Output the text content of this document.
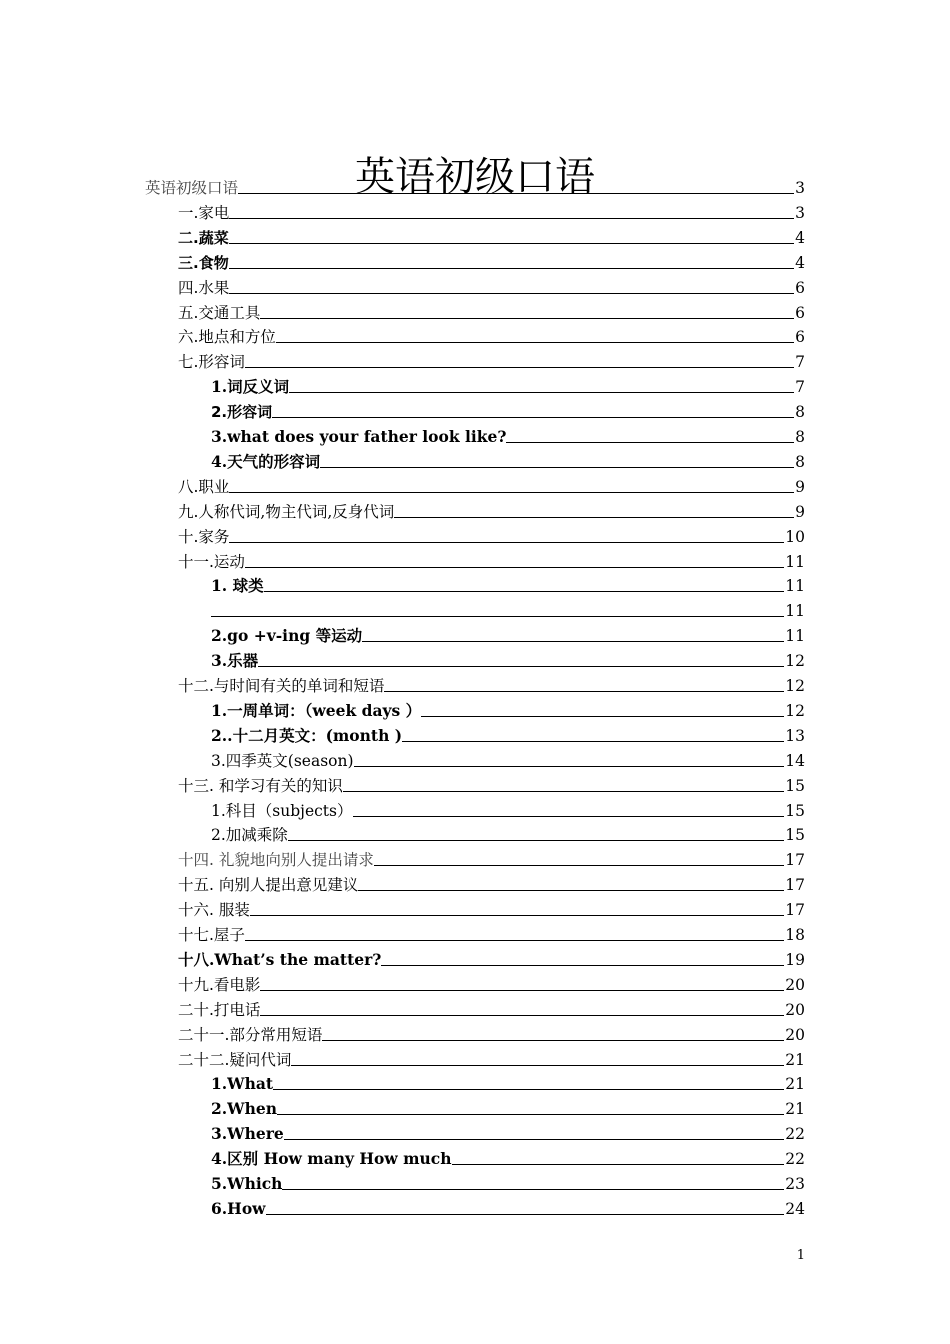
英语初级口语
英语初级口语	3
一.家电	3
二.蔬菜	4
三.食物	4
四.水果	6
五.交通工具	6
六.地点和方位	6
七.形容词	7
1.词反义词	7
2.形容词	8
3.what does your father look like?	8
4.天气的形容词	8
八.职业	9
九.人称代词,物主代词,反身代词	9
十.家务	10
十一.运动	11
1. 球类	11
11
2.go +v-ing 等运动	11
3.乐器	12
十二.与时间有关的单词和短语	12
1.一周单词：（week days ）	12
2..十二月英文：(month )	13
3.四季英文(season)	14
十三. 和学习有关的知识	15
1.科目（subjects）	15
2.加减乘除	15
十四. 礼貌地向别人提出请求	17
十五. 向别人提出意见建议	17
十六. 服装	17
十七.屋子	18
十八.What’s the matter?	19
十九.看电影	20
二十.打电话	20
二十一.部分常用短语	20
二十二.疑问代词	21
1.What	21
2.When	21
3.Where	22
4.区别 How many How much	22
5.Which	23
6.How	24
1
